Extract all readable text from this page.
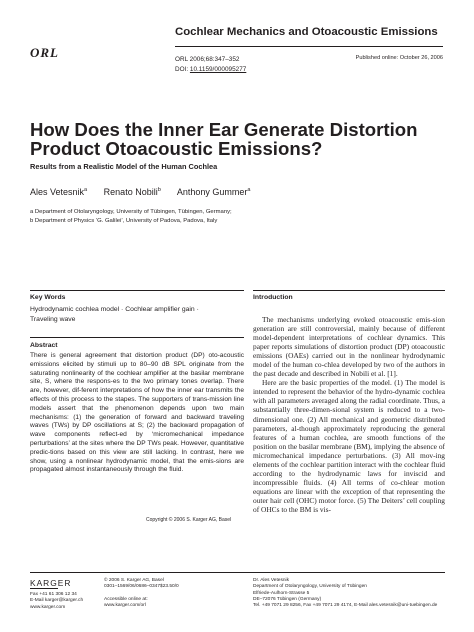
Cochlear Mechanics and Otoacoustic Emissions
ORL	ORL 2006;68:347–352
DOI: 10.1159/000095277
Published online: October 26, 2006
How Does the Inner Ear Generate Distortion Product Otoacoustic Emissions?
Results from a Realistic Model of the Human Cochlea
Ales Vetesnik$^a$ Renato Nobili$^b$ Anthony Gummer$^a$
a Department of Otolaryngology, University of Tübingen, Tübingen, Germany;
b Department of Physics ‘G. Galilei’, University of Padova, Padova, Italy
Key Words
Hydrodynamic cochlea model · Cochlear amplifier gain ·
Traveling wave
Abstract
There is general agreement that distortion product (DP) oto-acoustic emissions elicited by stimuli up to 80–90 dB SPL originate from the saturating nonlinearity of the cochlear amplifier at the basilar membrane site, S, where the respons-es to the two primary tones overlap. There are, however, dif-ferent interpretations of how the inner ear transmits the effects of this process to the stapes. The supporters of trans-mission line models assert that the phenomenon depends upon two main mechanisms: (1) the generation of forward and backward traveling waves (TWs) by DP oscillations at S; (2) the backward propagation of wave components reflect-ed by ‘micromechanical impedance perturbations’ at the sites where the DP TWs peak. However, quantitative predic-tions based on this view are still lacking. In contrast, here we show, using a nonlinear hydrodynamic model, that the emis-sions are propagated almost instantaneously through the fluid.
Copyright © 2006 S. Karger AG, Basel
Introduction

The mechanisms underlying evoked otoacoustic emis-sion generation are still controversial, mainly because of different model-dependent interpretations of cochlear dynamics. This paper reports simulations of distortion product (DP) otoacoustic emissions (OAEs) carried out in the nonlinear hydrodynamic model of the human co-chlea developed by two of the authors in the past decade and described in Nobili et al. [1].

Here are the basic properties of the model. (1) The model is intended to represent the behavior of the hydro-dynamic cochlea with all parameters averaged along the radial coordinate. Thus, a substantially three-dimen-sional system is reduced to a two-dimensional one. (2) All mechanical and geometric distributed parameters, al-though approximately reproducing the general features of a human cochlea, are smooth functions of the position on the basilar membrane (BM), implying the absence of micromechanical impedance perturbations. (3) All mov-ing elements of the cochlear partition interact with the cochlear fluid according to the hydrodynamic laws for inviscid and incompressible fluids. (4) All terms of co-chlear motion equations are linear with the exception of that representing the outer hair cell (OHC) motor force. (5) The Deiters’ cell coupling of OHCs to the BM is vis-

KARGER
Fax +41 61 306 12 34
E-Mail karger@karger.ch
www.karger.com
© 2006 S. Karger AG, Basel
0301–1569/06/0686–0347$23.50/0

Accessible online at:
www.karger.com/orl
Dr. Ales Vetesnik
Department of Otolaryngology, University of Tübingen
Elfriede-Aulhorn-Strasse 5
DE–72076 Tübingen (Germany)
Tel. +49 7071 29 8256, Fax +49 7071 29 4174, E-Mail ales.vetesnik@uni-tuebingen.de
